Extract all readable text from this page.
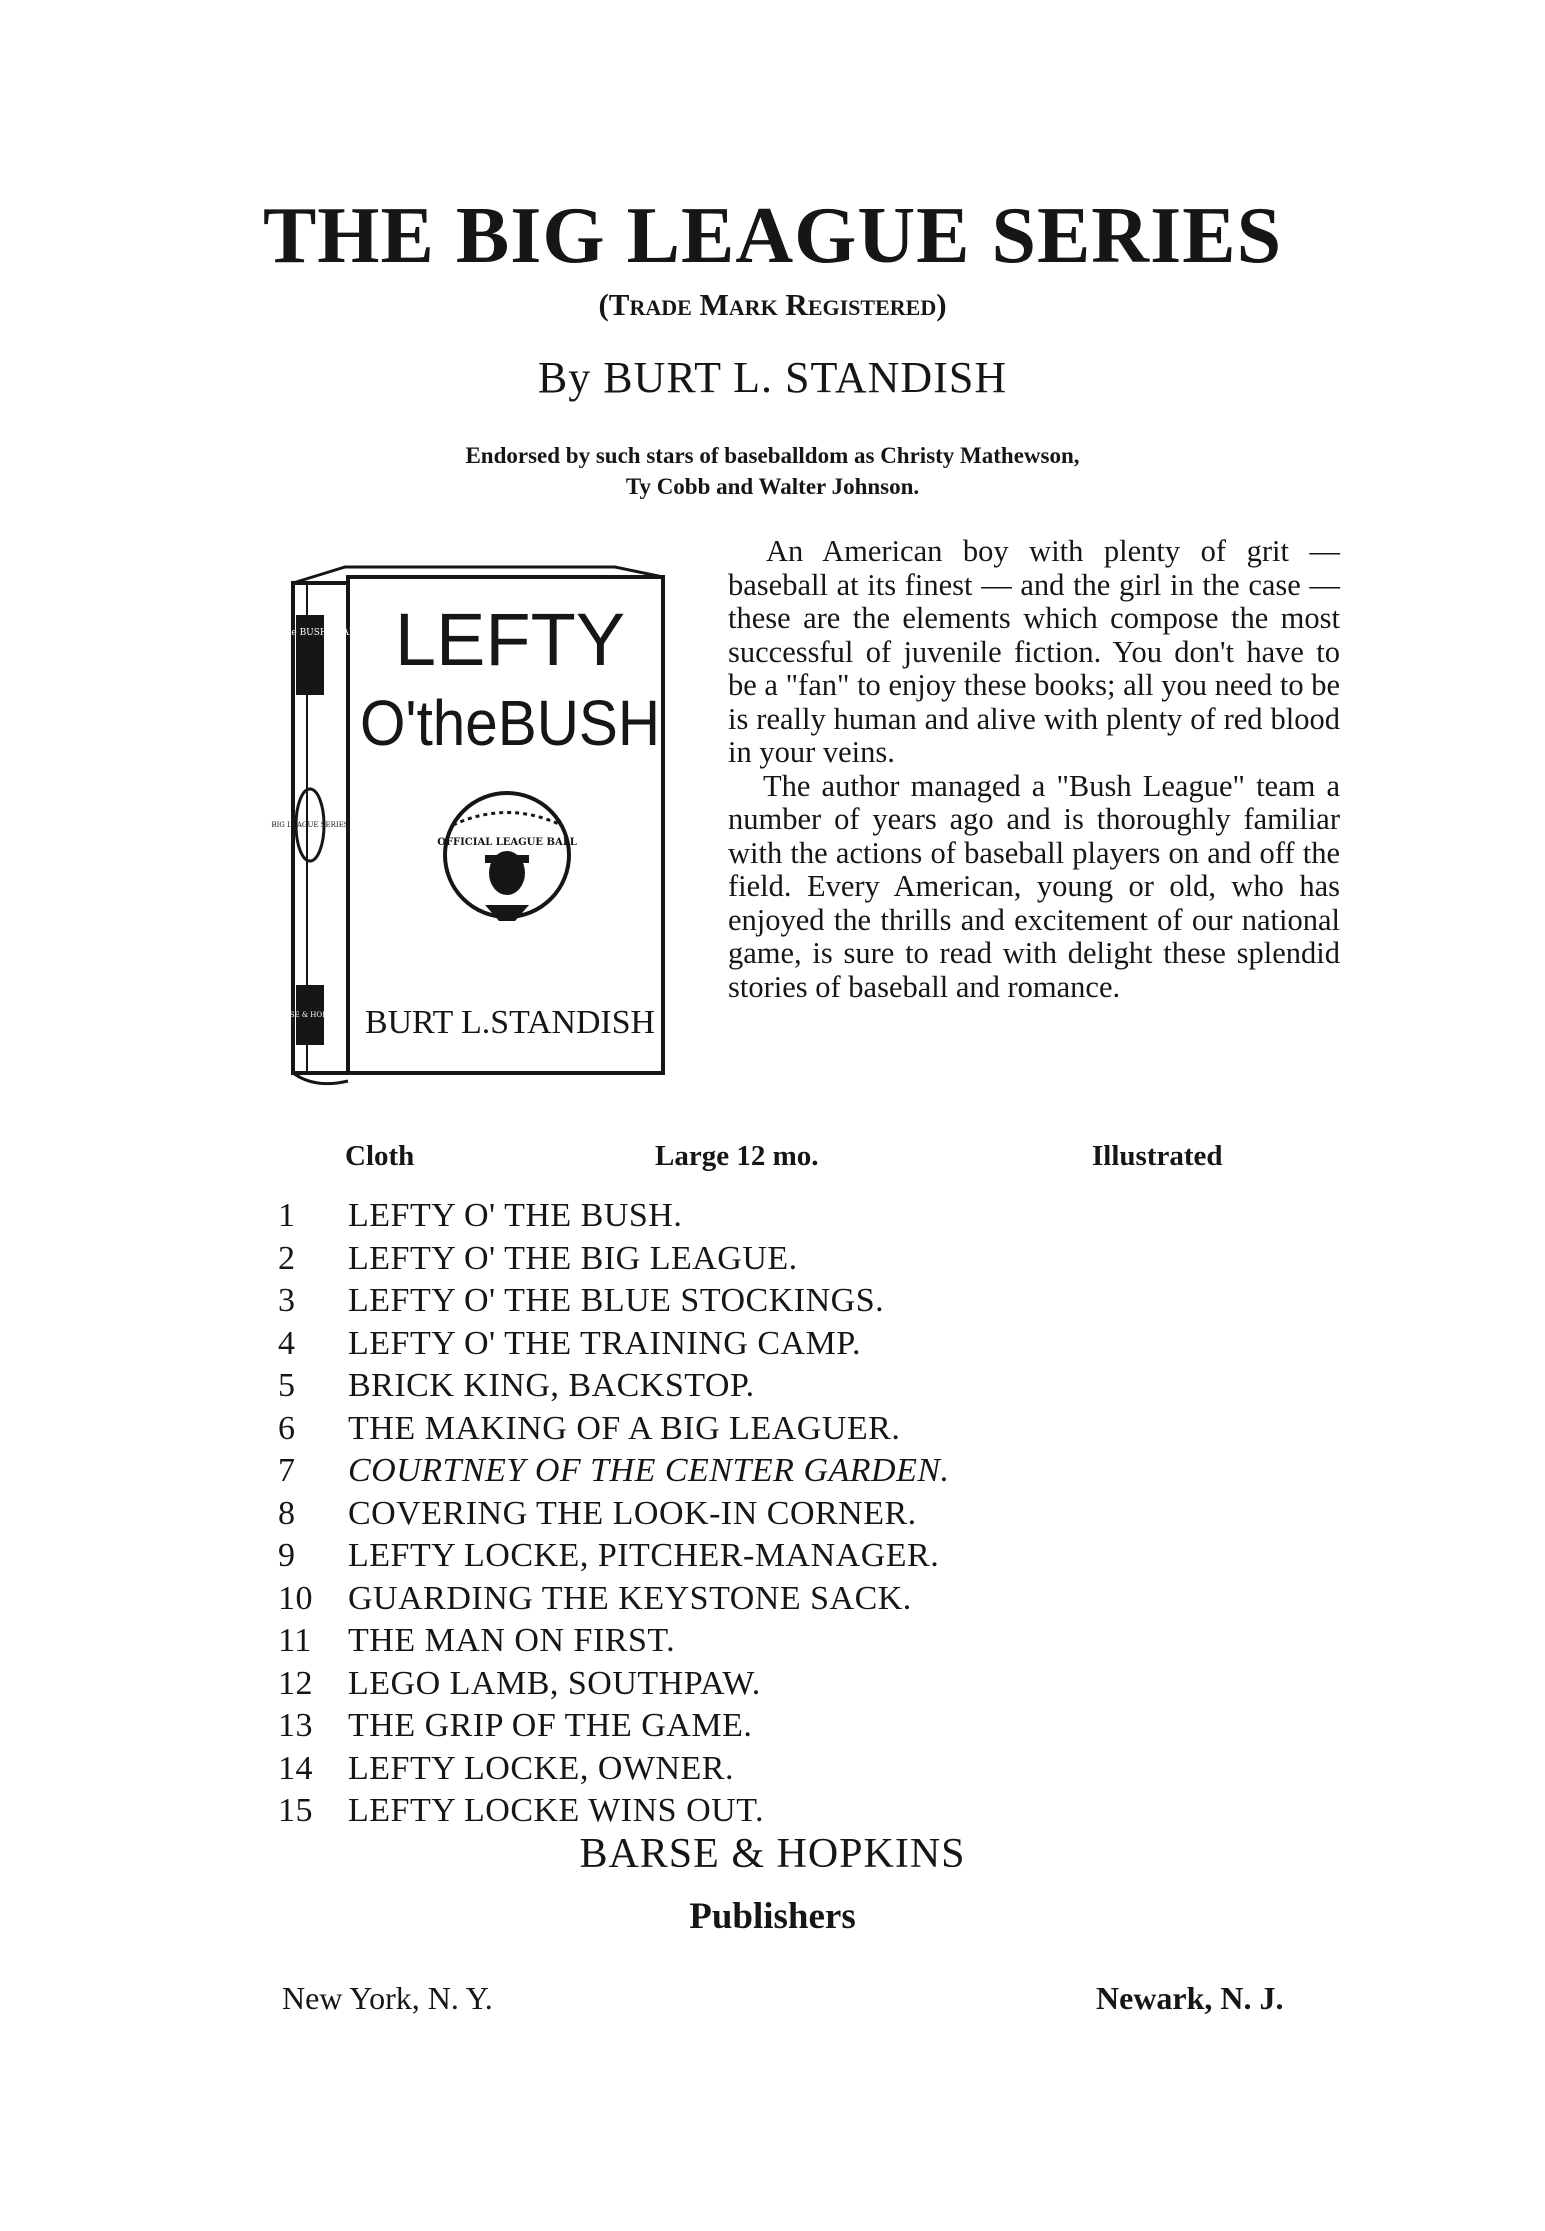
THE BIG LEAGUE SERIES
(Trade Mark Registered)
By BURT L. STANDISH
Endorsed by such stars of baseballdom as Christy Mathewson,
Ty Cobb and Walter Johnson.
LEFTY O'the BUSH STANDISH
BIG LEAGUE SERIES
BARSE & HOPKINS
LEFTY
O'theBUSH
OFFICIAL LEAGUE BALL
BURT L.STANDISH

An American boy with plenty of grit —baseball at its finest — and the girl in the case — these are the elements which compose the most successful of juvenile fiction. You don't have to be a "fan" to enjoy these books; all you need to be is really human and alive with plenty of red blood in your veins.

The author managed a "Bush League" team a number of years ago and is thoroughly familiar with the actions of baseball players on and off the field. Every American, young or old, who has enjoyed the thrills and excitement of our national game, is sure to read with delight these splendid stories of baseball and romance.

Cloth	Large 12 mo.	Illustrated
1 LEFTY O' THE BUSH.
2 LEFTY O' THE BIG LEAGUE.
3 LEFTY O' THE BLUE STOCKINGS.
4 LEFTY O' THE TRAINING CAMP.
5 BRICK KING, BACKSTOP.
6 THE MAKING OF A BIG LEAGUER.
7 COURTNEY OF THE CENTER GARDEN.
8 COVERING THE LOOK-IN CORNER.
9 LEFTY LOCKE, PITCHER-MANAGER.
10 GUARDING THE KEYSTONE SACK.
11 THE MAN ON FIRST.
12 LEGO LAMB, SOUTHPAW.
13 THE GRIP OF THE GAME.
14 LEFTY LOCKE, OWNER.
15 LEFTY LOCKE WINS OUT.
BARSE & HOPKINS
Publishers
New York, N. Y.	Newark, N. J.
